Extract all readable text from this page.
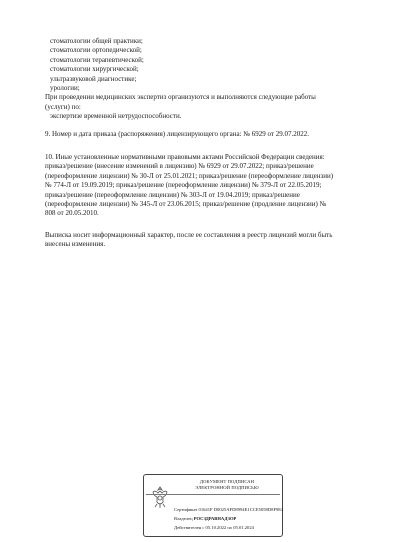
стоматологии общей практики;
стоматологии ортопедической;
стоматологии терапевтической;
стоматологии хирургической;
ультразвуковой диагностике;
урологии;
При проведении медицинских экспертиз организуются и выполняются следующие работы
(услуги) по:
экспертизе временной нетрудоспособности.
9. Номер и дата приказа (распоряжения) лицензирующего органа: № 6929 от 29.07.2022.
10. Иные установленные нормативными правовыми актами Российской Федерации сведения:
приказ/решение (внесение изменений в лицензию) № 6929 от 29.07.2022; приказ/решение
(переоформление лицензии) № 30-Л от 25.01.2021; приказ/решение (переоформление лицензии)
№ 774-Л от 19.09.2019; приказ/решение (переоформление лицензии) № 379-Л от 22.05.2019;
приказ/решение (переоформление лицензии) № 303-Л от 19.04.2019; приказ/решение
(переоформление лицензии) № 345-Л от 23.06.2015; приказ/решение (продление лицензии) №
808 от 20.05.2010.
Выписка носит информационный характер, после ее составления в реестр лицензий могли быть
внесены изменения.
ДОКУМЕНТ ПОДПИСАН
ЭЛЕКТРОННОЙ ПОДПИСЬЮ
Сертификат 01641F D0025AFD8994E1CCE5058D8F984
Владелец РОСЗДРАВНАДЗОР
Действителен с 05.10.2022 по 05.01.2024
